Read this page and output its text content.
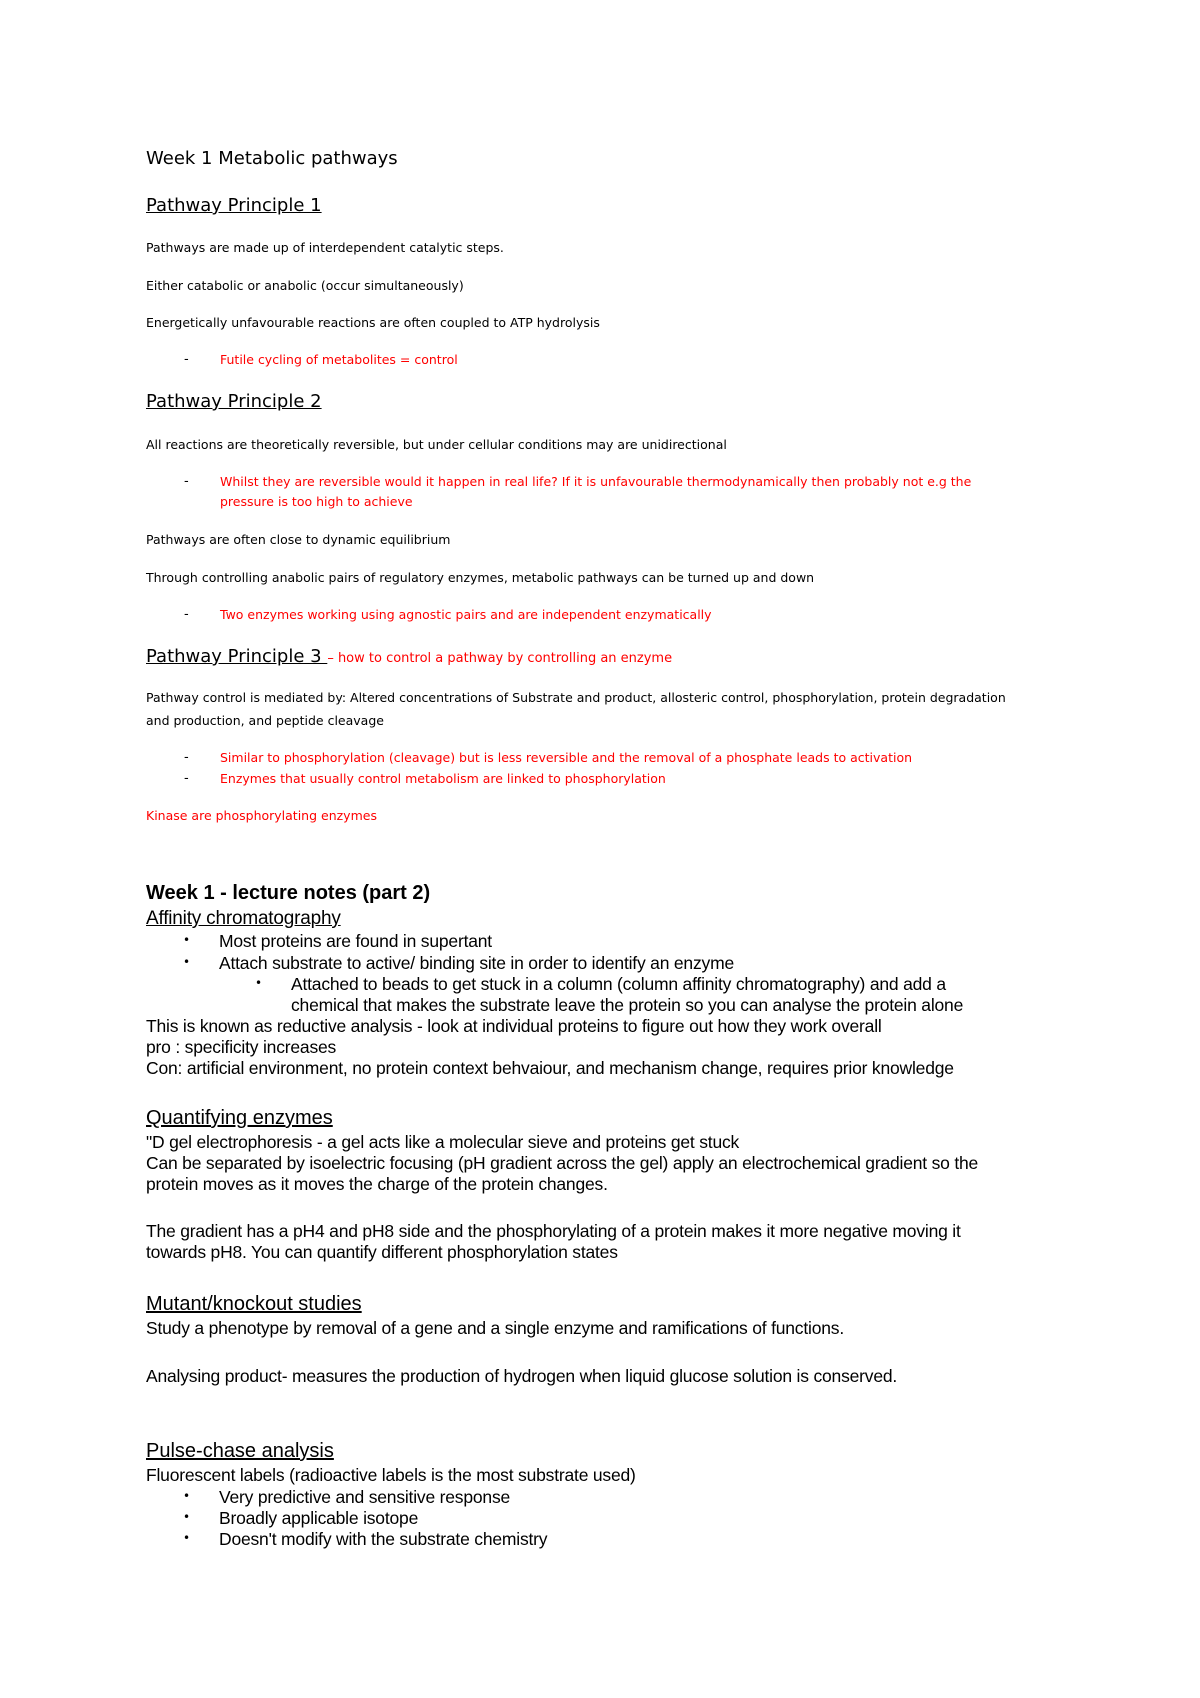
Week 1 Metabolic pathways
Pathway Principle 1
Pathways are made up of interdependent catalytic steps.
Either catabolic or anabolic (occur simultaneously)
Energetically unfavourable reactions are often coupled to ATP hydrolysis
-	Futile cycling of metabolites = control
Pathway Principle 2
All reactions are theoretically reversible, but under cellular conditions may are unidirectional
-	Whilst they are reversible would it happen in real life? If it is unfavourable thermodynamically then probably not e.g the
pressure is too high to achieve
Pathways are often close to dynamic equilibrium
Through controlling anabolic pairs of regulatory enzymes, metabolic pathways can be turned up and down
-	Two enzymes working using agnostic pairs and are independent enzymatically
Pathway Principle 3 – how to control a pathway by controlling an enzyme
Pathway control is mediated by: Altered concentrations of Substrate and product, allosteric control, phosphorylation, protein degradation
and production, and peptide cleavage
-	Similar to phosphorylation (cleavage) but is less reversible and the removal of a phosphate leads to activation
-	Enzymes that usually control metabolism are linked to phosphorylation
Kinase are phosphorylating enzymes
Week 1 - lecture notes (part 2)
Affinity chromatography
• Most proteins are found in supertant
• Attach substrate to active/ binding site in order to identify an enzyme
• Attached to beads to get stuck in a column (column affinity chromatography) and add a
chemical that makes the substrate leave the protein so you can analyse the protein alone
This is known as reductive analysis - look at individual proteins to figure out how they work overall
pro : specificity increases
Con: artificial environment, no protein context behvaiour, and mechanism change, requires prior knowledge
Quantifying enzymes
"D gel electrophoresis - a gel acts like a molecular sieve and proteins get stuck
Can be separated by isoelectric focusing (pH gradient across the gel) apply an electrochemical gradient so the
protein moves as it moves the charge of the protein changes.
The gradient has a pH4 and pH8 side and the phosphorylating of a protein makes it more negative moving it
towards pH8. You can quantify different phosphorylation states
Mutant/knockout studies
Study a phenotype by removal of a gene and a single enzyme and ramifications of functions.
Analysing product- measures the production of hydrogen when liquid glucose solution is conserved.
Pulse-chase analysis
Fluorescent labels (radioactive labels is the most substrate used)
• Very predictive and sensitive response
• Broadly applicable isotope
• Doesn't modify with the substrate chemistry
